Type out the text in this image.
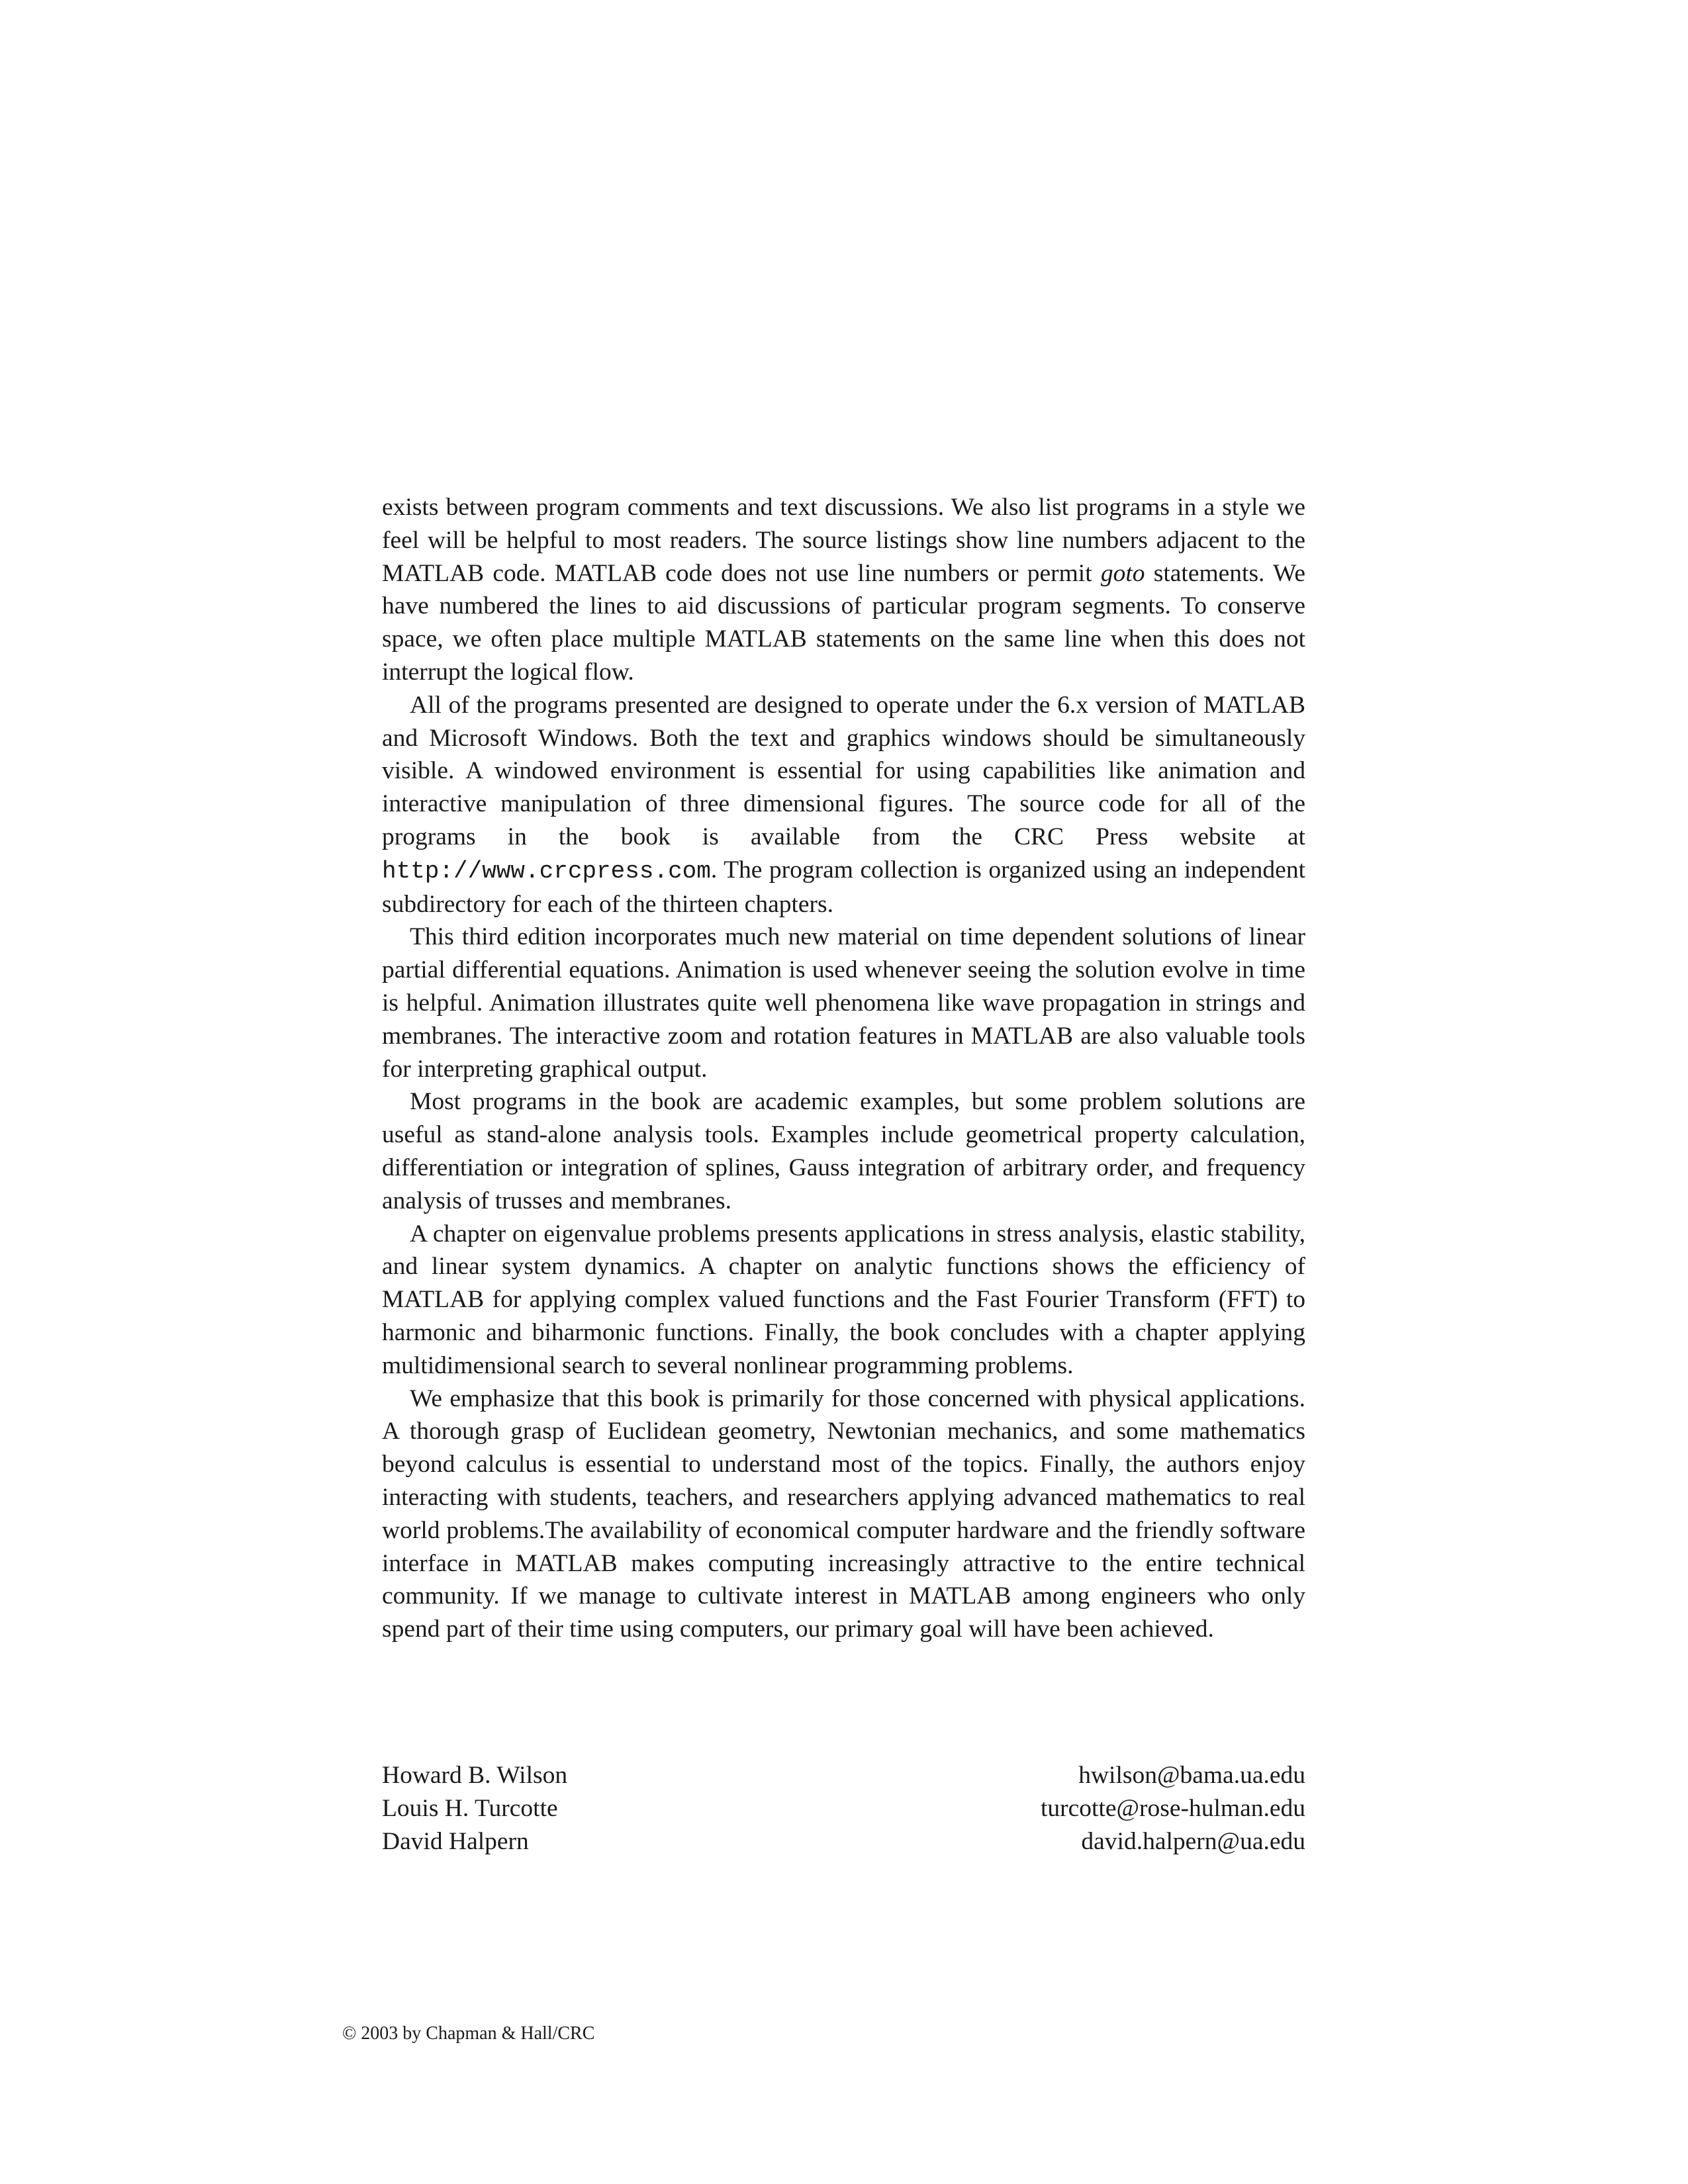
exists between program comments and text discussions. We also list programs in a style we feel will be helpful to most readers. The source listings show line numbers adjacent to the MATLAB code. MATLAB code does not use line numbers or permit goto statements. We have numbered the lines to aid discussions of particular program segments. To conserve space, we often place multiple MATLAB statements on the same line when this does not interrupt the logical flow.

All of the programs presented are designed to operate under the 6.x version of MATLAB and Microsoft Windows. Both the text and graphics windows should be simultaneously visible. A windowed environment is essential for using capabilities like animation and interactive manipulation of three dimensional figures. The source code for all of the programs in the book is available from the CRC Press website at http://www.crcpress.com. The program collection is organized using an independent subdirectory for each of the thirteen chapters.

This third edition incorporates much new material on time dependent solutions of linear partial differential equations. Animation is used whenever seeing the solution evolve in time is helpful. Animation illustrates quite well phenomena like wave propagation in strings and membranes. The interactive zoom and rotation features in MATLAB are also valuable tools for interpreting graphical output.

Most programs in the book are academic examples, but some problem solutions are useful as stand-alone analysis tools. Examples include geometrical property calculation, differentiation or integration of splines, Gauss integration of arbitrary order, and frequency analysis of trusses and membranes.

A chapter on eigenvalue problems presents applications in stress analysis, elastic stability, and linear system dynamics. A chapter on analytic functions shows the efficiency of MATLAB for applying complex valued functions and the Fast Fourier Transform (FFT) to harmonic and biharmonic functions. Finally, the book concludes with a chapter applying multidimensional search to several nonlinear programming problems.

We emphasize that this book is primarily for those concerned with physical applications. A thorough grasp of Euclidean geometry, Newtonian mechanics, and some mathematics beyond calculus is essential to understand most of the topics. Finally, the authors enjoy interacting with students, teachers, and researchers applying advanced mathematics to real world problems.The availability of economical computer hardware and the friendly software interface in MATLAB makes computing increasingly attractive to the entire technical community. If we manage to cultivate interest in MATLAB among engineers who only spend part of their time using computers, our primary goal will have been achieved.

Howard B. Wilson	hwilson@bama.ua.edu
Louis H. Turcotte	turcotte@rose-hulman.edu
David Halpern	david.halpern@ua.edu
© 2003 by Chapman & Hall/CRC
